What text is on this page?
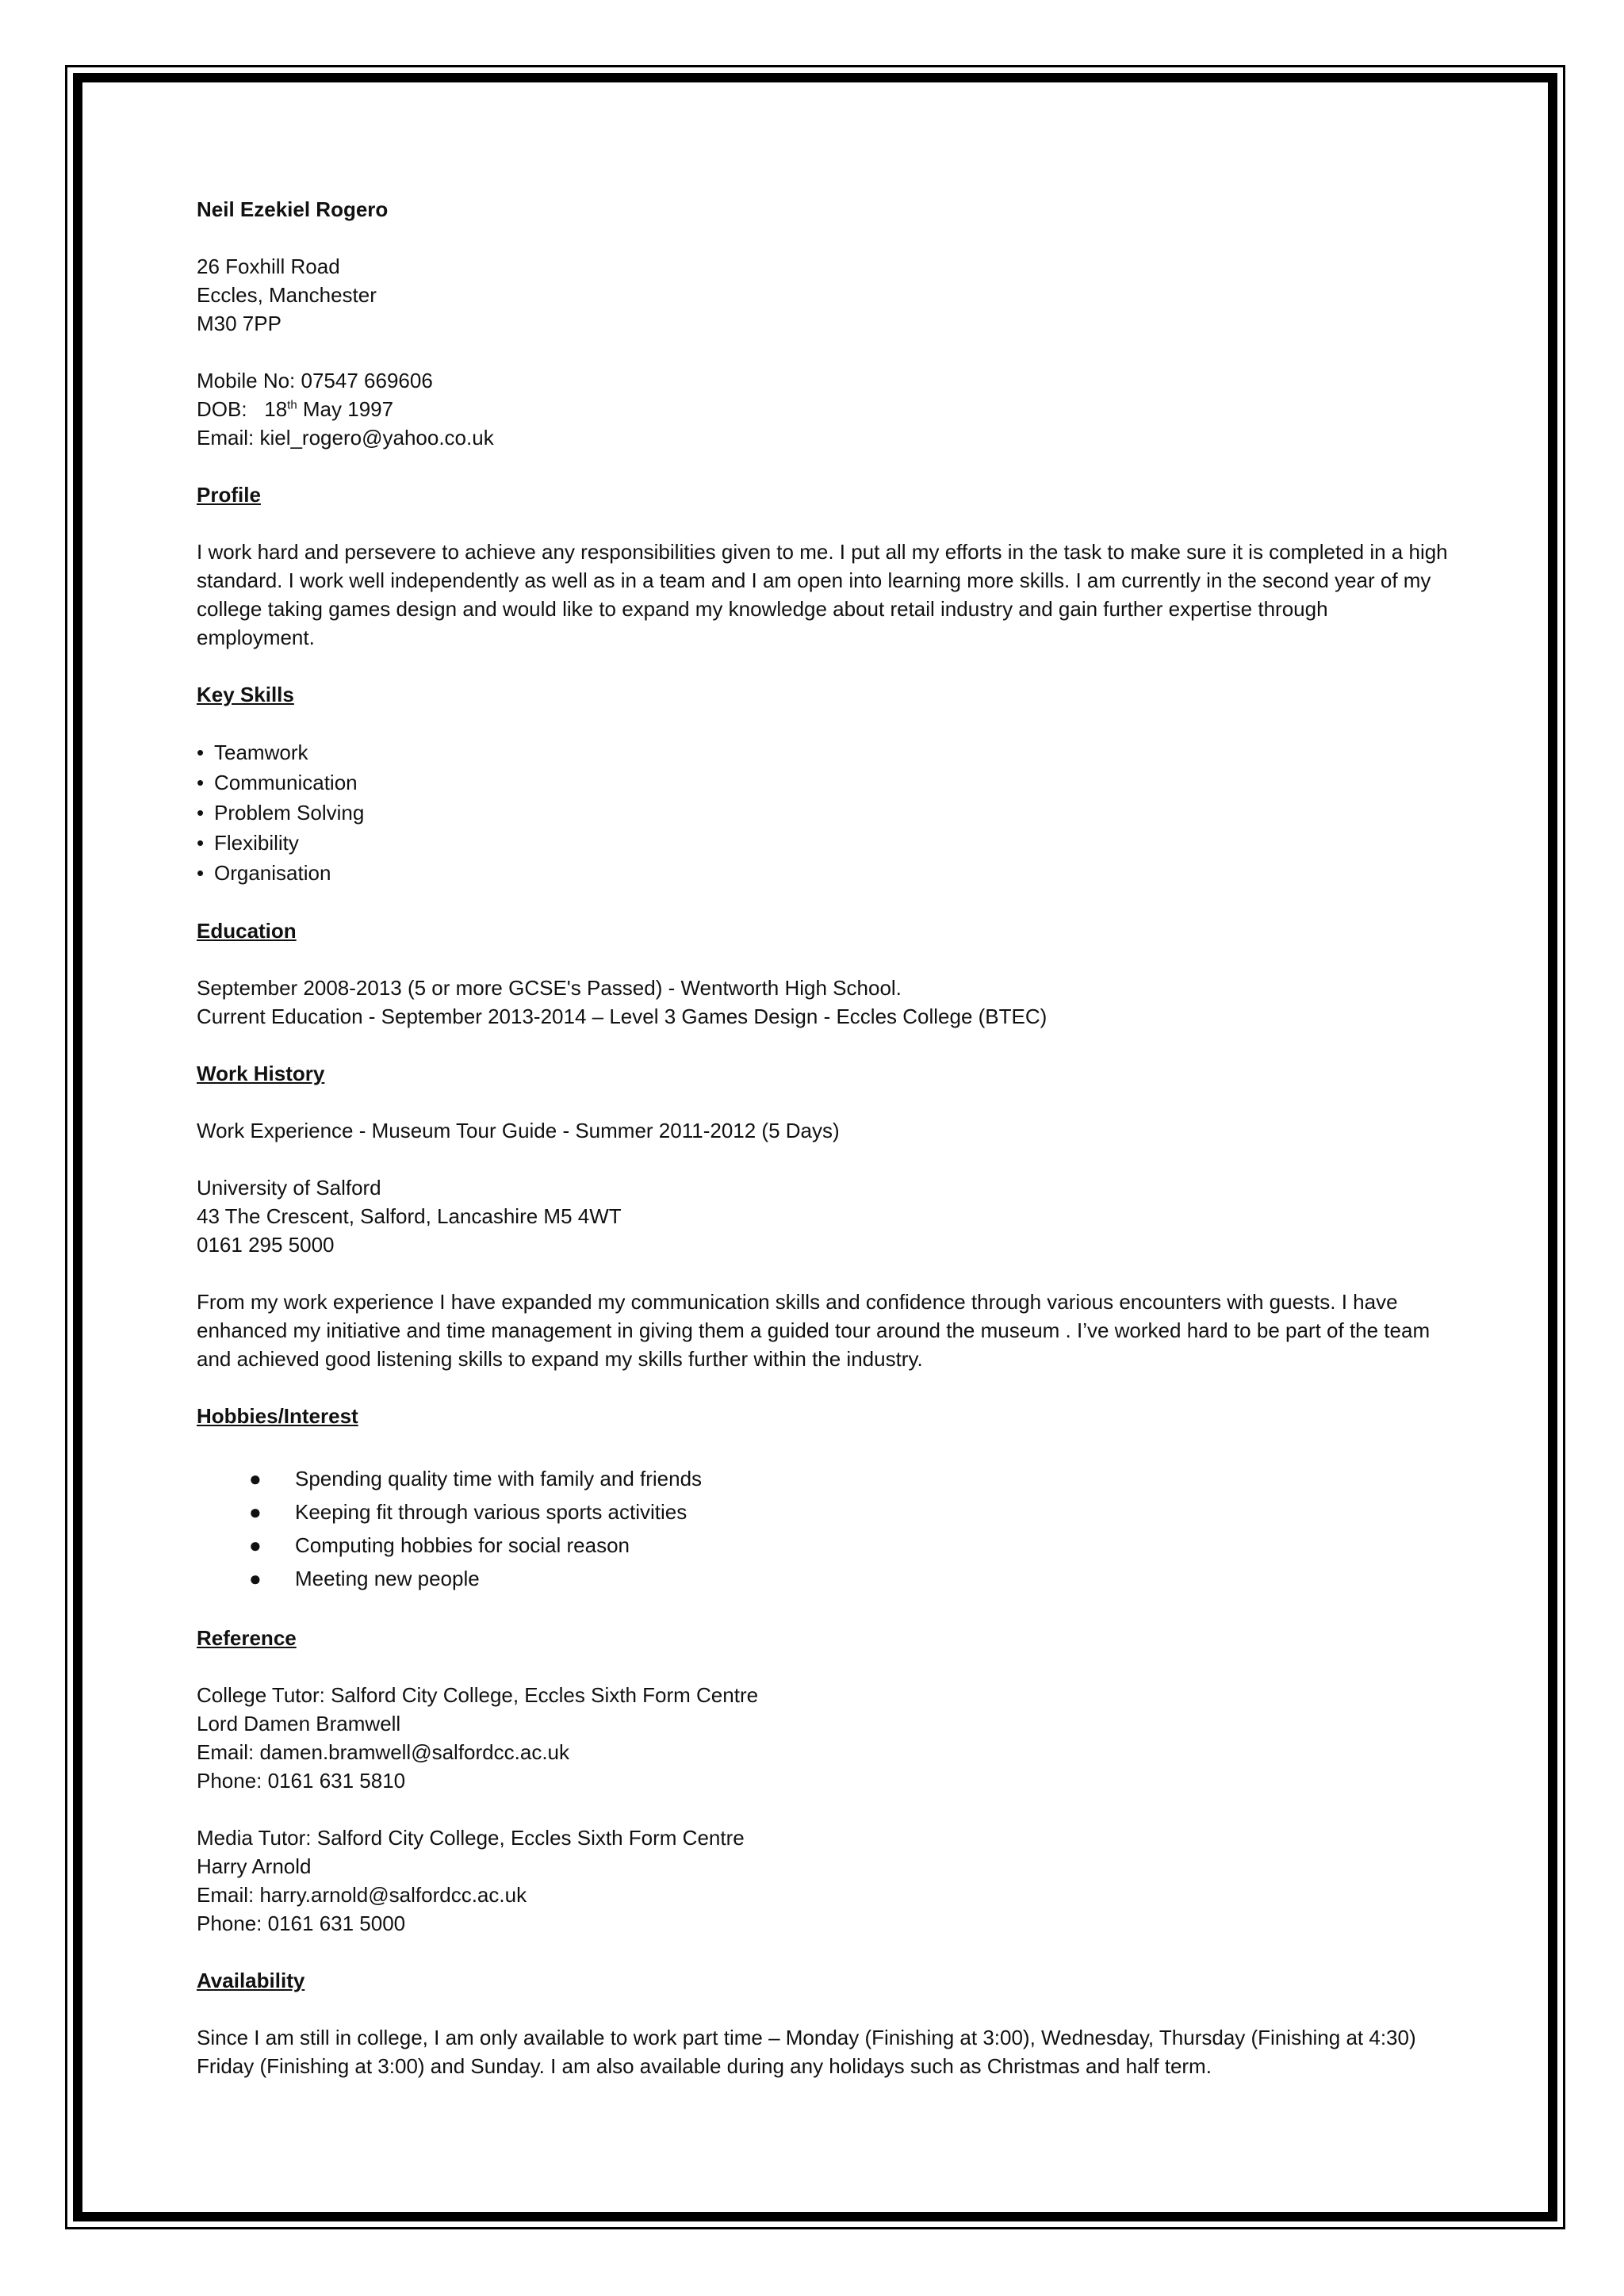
Neil Ezekiel Rogero

26 Foxhill Road

Eccles, Manchester

M30 7PP

Mobile No: 07547 669606

DOB:   18th May 1997

Email: kiel_rogero@yahoo.co.uk

Profile

I work hard and persevere to achieve any responsibilities given to me. I put all my efforts in the task to make sure it is completed in a high standard. I work well independently as well as in a team and I am open into learning more skills. I am currently in the second year of my college taking games design and would like to expand my knowledge about retail industry and gain further expertise through employment.

Key Skills

• Teamwork
• Communication
• Problem Solving
• Flexibility
• Organisation

Education

September 2008-2013 (5 or more GCSE's Passed) - Wentworth High School.

Current Education - September 2013-2014 – Level 3 Games Design - Eccles College (BTEC)

Work History

Work Experience - Museum Tour Guide - Summer 2011-2012 (5 Days)

University of Salford

43 The Crescent, Salford, Lancashire M5 4WT

0161 295 5000

From my work experience I have expanded my communication skills and confidence through various encounters with guests. I have enhanced my initiative and time management in giving them a guided tour around the museum . I’ve worked hard to be part of the team and achieved good listening skills to expand my skills further within the industry.

Hobbies/Interest

● Spending quality time with family and friends
● Keeping fit through various sports activities
● Computing hobbies for social reason
● Meeting new people

Reference

College Tutor: Salford City College, Eccles Sixth Form Centre

Lord Damen Bramwell

Email: damen.bramwell@salfordcc.ac.uk

Phone: 0161 631 5810

Media Tutor: Salford City College, Eccles Sixth Form Centre

Harry Arnold

Email: harry.arnold@salfordcc.ac.uk

Phone: 0161 631 5000

Availability

Since I am still in college, I am only available to work part time – Monday (Finishing at 3:00), Wednesday, Thursday (Finishing at 4:30) Friday (Finishing at 3:00) and Sunday. I am also available during any holidays such as Christmas and half term.
